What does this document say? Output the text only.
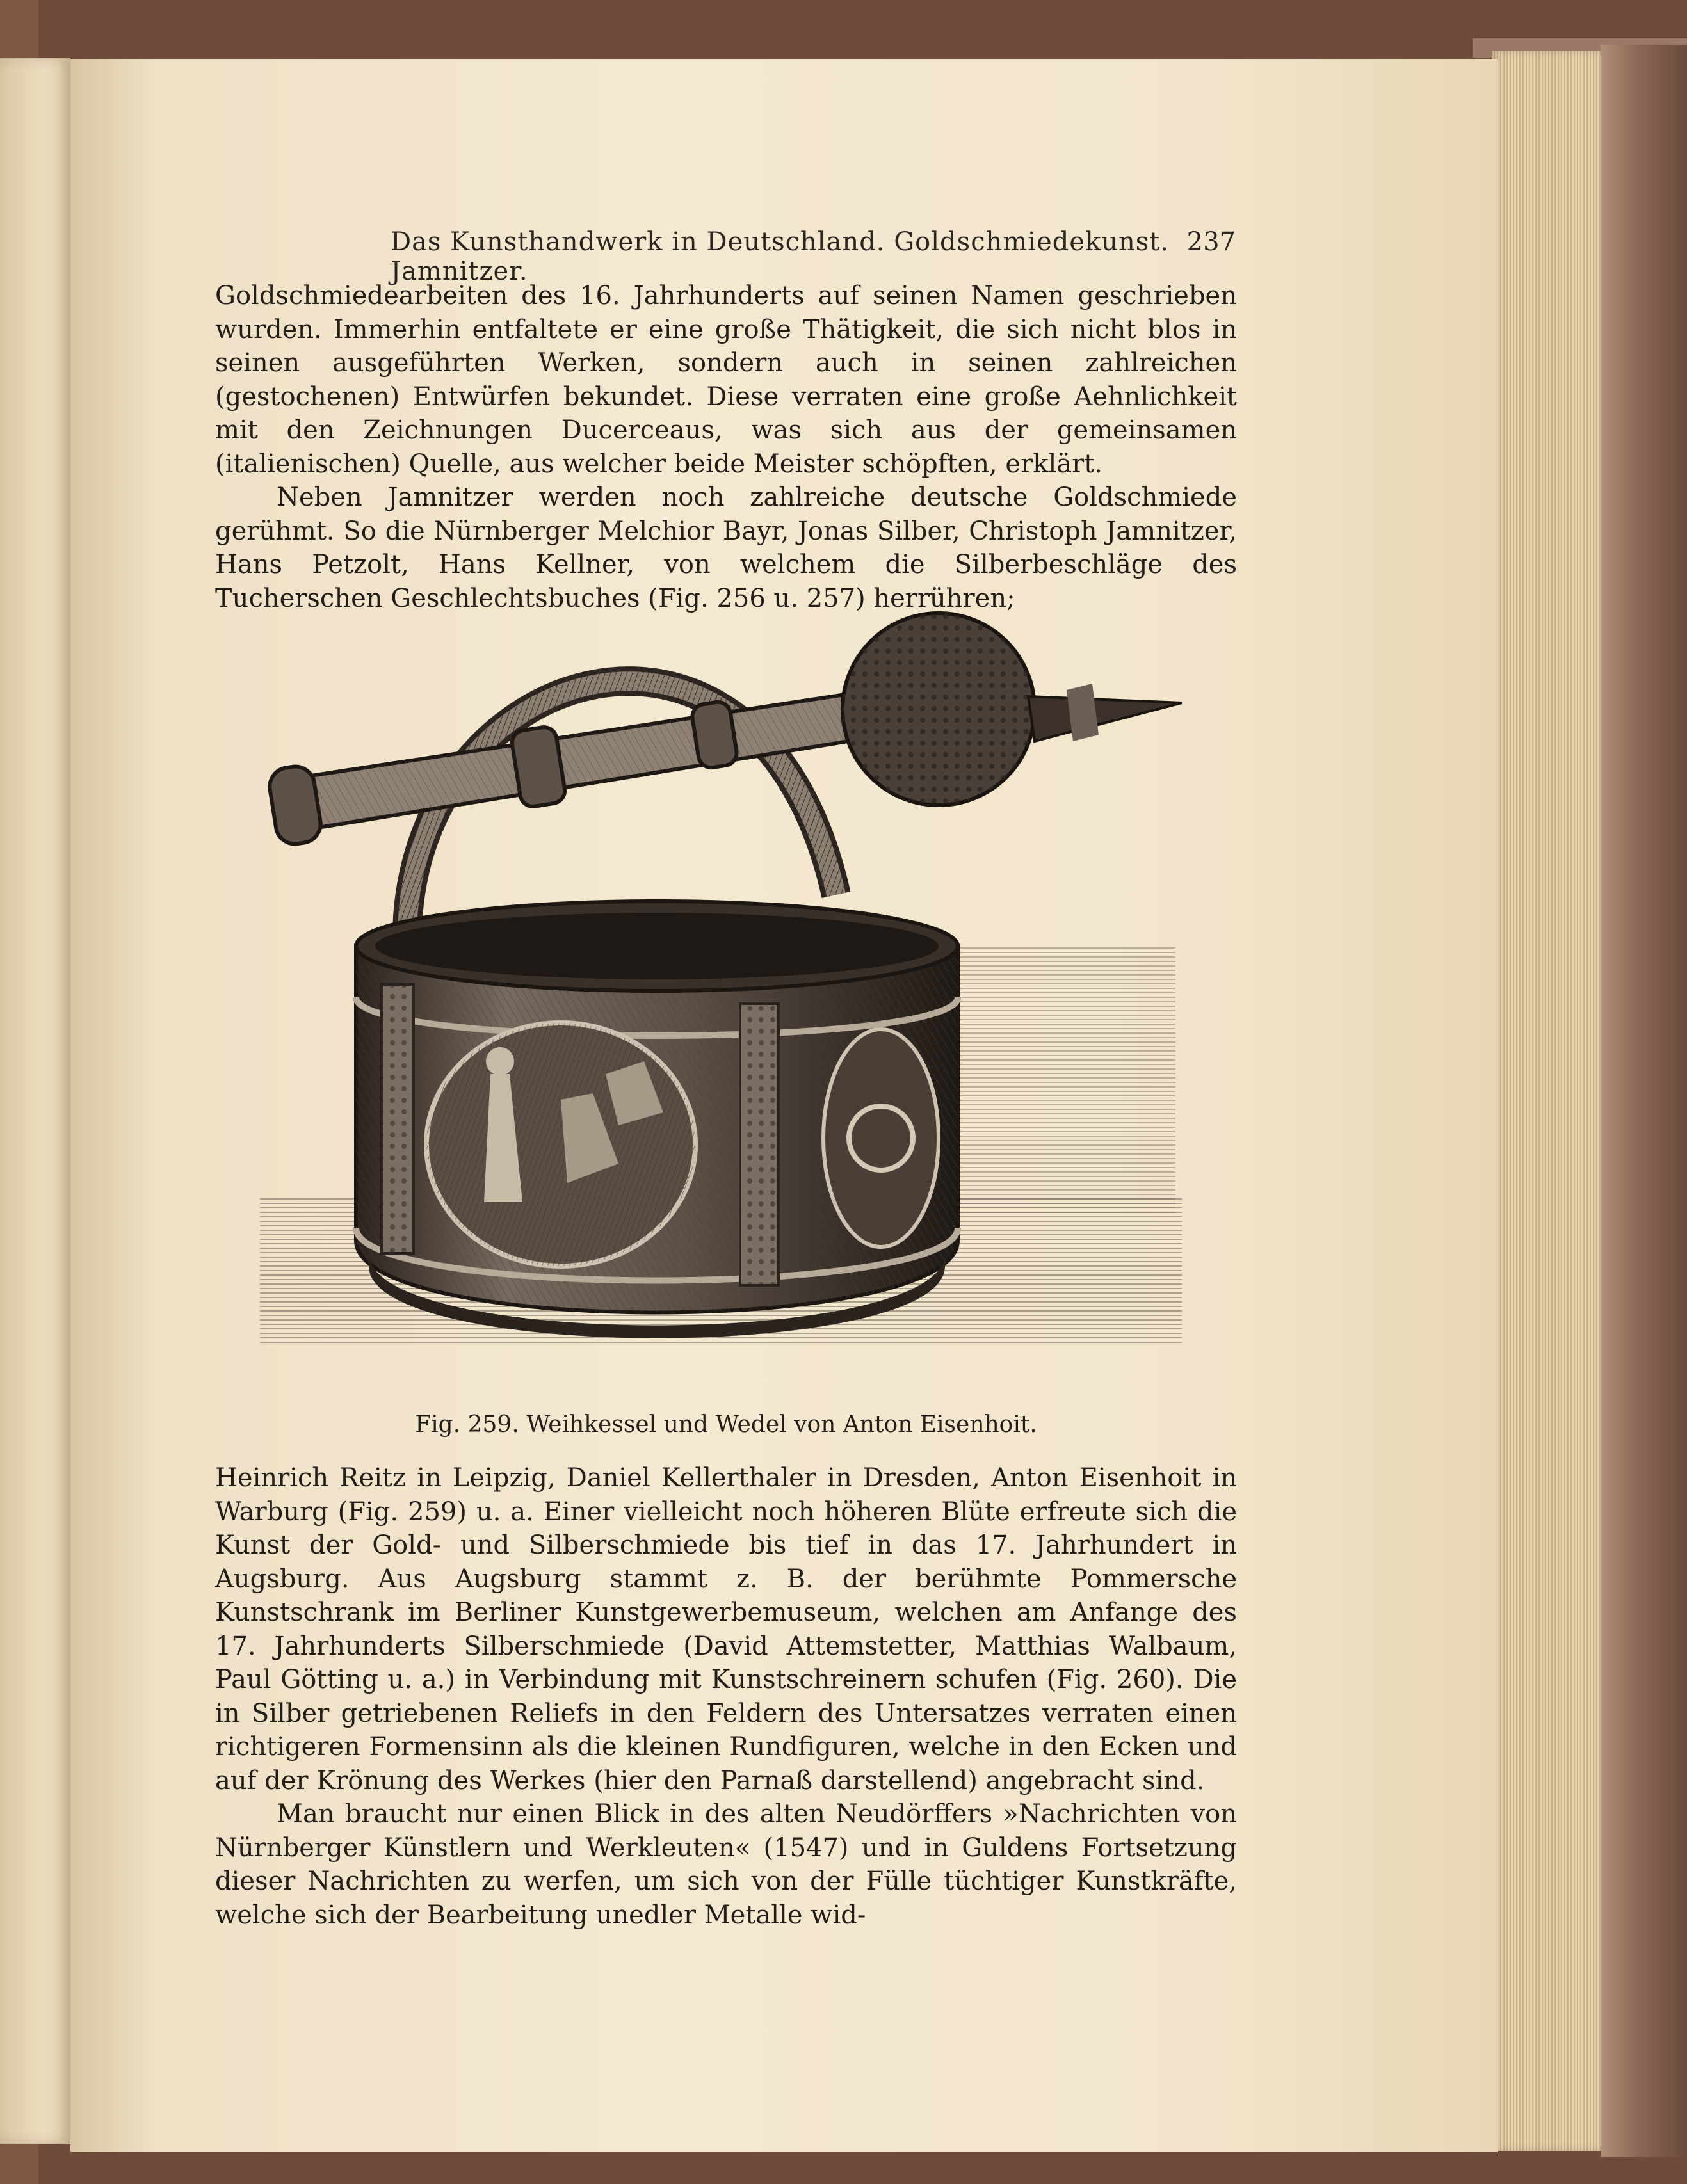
Das Kunsthandwerk in Deutschland. Goldschmiedekunst. Jamnitzer.
237

Goldschmiedearbeiten des 16. Jahrhunderts auf seinen Namen geschrieben wurden. Immerhin entfaltete er eine große Thätigkeit, die sich nicht blos in seinen ausgeführten Werken, sondern auch in seinen zahlreichen (gestochenen) Entwürfen bekundet. Diese verraten eine große Aehnlichkeit mit den Zeichnungen Ducerceaus, was sich aus der gemeinsamen (italienischen) Quelle, aus welcher beide Meister schöpften, erklärt.

Neben Jamnitzer werden noch zahlreiche deutsche Goldschmiede gerühmt. So die Nürnberger Melchior Bayr, Jonas Silber, Christoph Jamnitzer, Hans Petzolt, Hans Kellner, von welchem die Silberbeschläge des Tucherschen Geschlechtsbuches (Fig. 256 u. 257) herrühren;

Fig. 259. Weihkessel und Wedel von Anton Eisenhoit.

Heinrich Reitz in Leipzig, Daniel Kellerthaler in Dresden, Anton Eisenhoit in Warburg (Fig. 259) u. a. Einer vielleicht noch höheren Blüte erfreute sich die Kunst der Gold- und Silberschmiede bis tief in das 17. Jahrhundert in Augsburg. Aus Augsburg stammt z. B. der berühmte Pommersche Kunstschrank im Berliner Kunstgewerbemuseum, welchen am Anfange des 17. Jahrhunderts Silberschmiede (David Attemstetter, Matthias Walbaum, Paul Götting u. a.) in Verbindung mit Kunstschreinern schufen (Fig. 260). Die in Silber getriebenen Reliefs in den Feldern des Untersatzes verraten einen richtigeren Formensinn als die kleinen Rundfiguren, welche in den Ecken und auf der Krönung des Werkes (hier den Parnaß darstellend) angebracht sind.

Man braucht nur einen Blick in des alten Neudörffers »Nachrichten von Nürnberger Künstlern und Werkleuten« (1547) und in Guldens Fortsetzung dieser Nachrichten zu werfen, um sich von der Fülle tüchtiger Kunstkräfte, welche sich der Bearbeitung unedler Metalle wid-
